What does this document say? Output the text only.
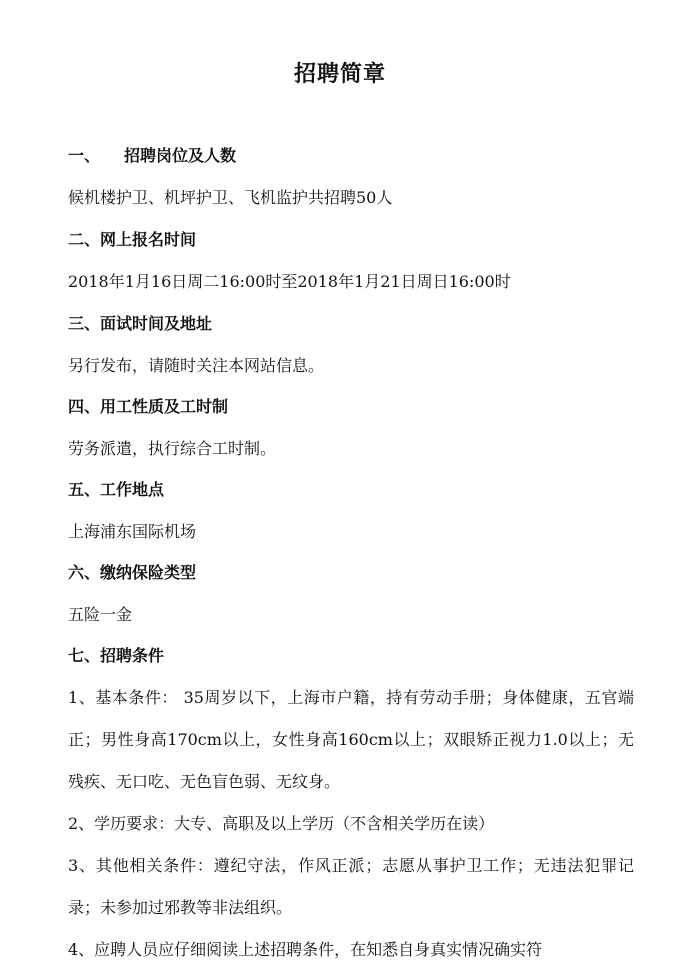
招聘简章
一、 招聘岗位及人数
候机楼护卫、机坪护卫、飞机监护共招聘50人
二、网上报名时间
2018年1月16日周二16:00时至2018年1月21日周日16:00时
三、面试时间及地址
另行发布，请随时关注本网站信息。
四、用工性质及工时制
劳务派遣，执行综合工时制。
五、工作地点
上海浦东国际机场
六、缴纳保险类型
五险一金
七、招聘条件
1、基本条件： 35周岁以下，上海市户籍，持有劳动手册；身体健康，五官端正；男性身高170cm以上，女性身高160cm以上；双眼矫正视力1.0以上；无残疾、无口吃、无色盲色弱、无纹身。
2、学历要求：大专、高职及以上学历（不含相关学历在读）
3、其他相关条件：遵纪守法，作风正派；志愿从事护卫工作；无违法犯罪记录；未参加过邪教等非法组织。
4、应聘人员应仔细阅读上述招聘条件，在知悉自身真实情况确实符
